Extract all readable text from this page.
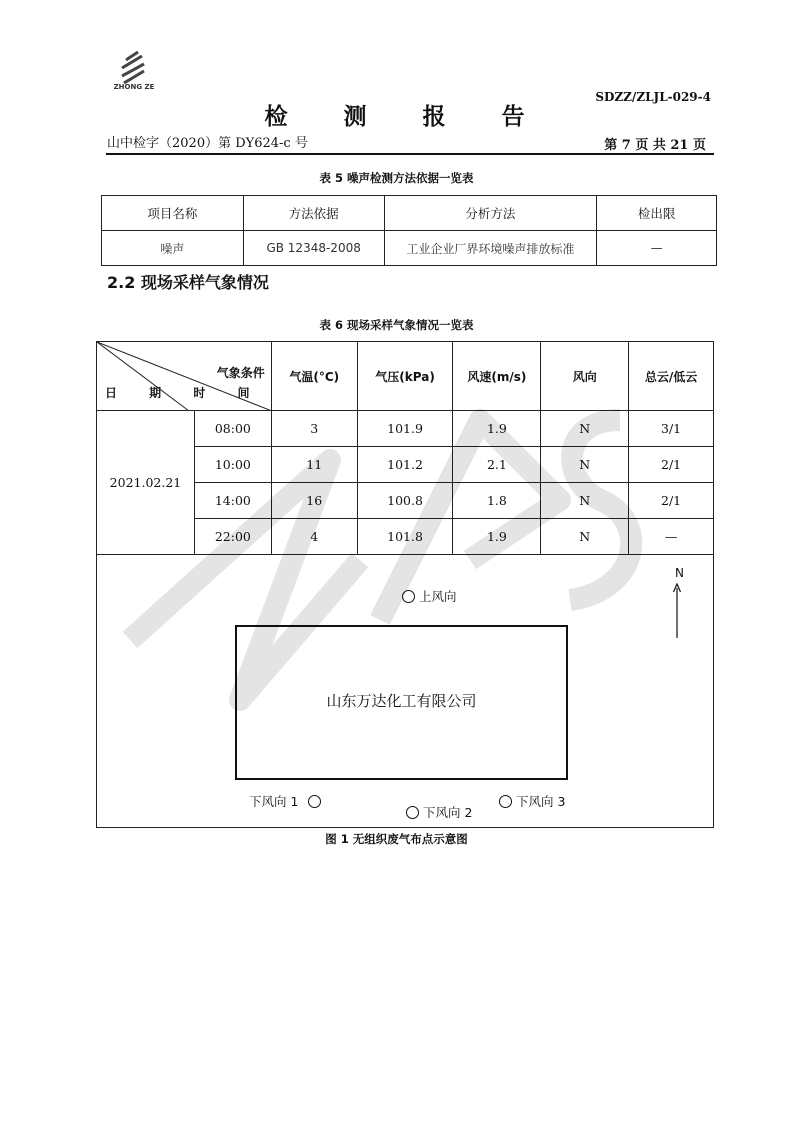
ZHONG ZE
SDZZ/ZLJL-029-4
检 测 报 告
山中检字（2020）第 DY624-c 号	第 7 页 共 21 页
表 5 噪声检测方法依据一览表
项目名称	方法依据	分析方法	检出限
噪声	GB 12348-2008	工业企业厂界环境噪声排放标准	—
2.2 现场采样气象情况
表 6 现场采样气象情况一览表
气象条件
日 期 时 间		气温(°C)	气压(kPa)	风速(m/s)	风向	总云/低云
2021.02.21	08:00	3	101.9	1.9	N	3/1
	10:00	11	101.2	2.1	N	2/1
	14:00	16	100.8	1.8	N	2/1
	22:00	4	101.8	1.9	N	—
N
上风向
山东万达化工有限公司
下风向 1
下风向 2
下风向 3
图 1 无组织废气布点示意图
